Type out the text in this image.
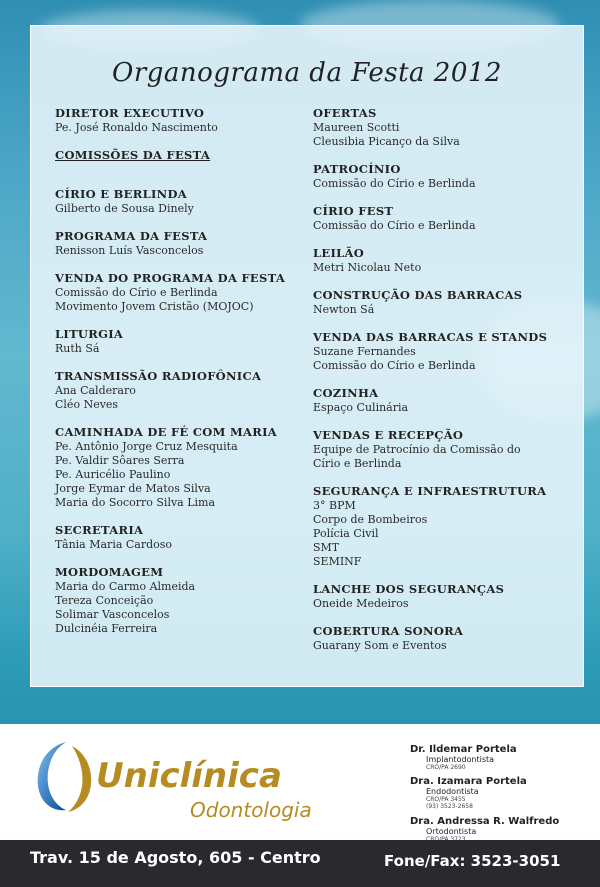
Organograma da Festa 2012
DIRETOR EXECUTIVO
Pe. José Ronaldo Nascimento
COMISSÕES DA FESTA
CÍRIO E BERLINDA
Gilberto de Sousa Dinely
PROGRAMA DA FESTA
Renisson Luís Vasconcelos
VENDA DO PROGRAMA DA FESTA
Comissão do Círio e Berlinda
Movimento Jovem Cristão (MOJOC)
LITURGIA
Ruth Sá
TRANSMISSÃO RADIOFÔNICA
Ana Calderaro
Cléo Neves
CAMINHADA DE FÉ COM MARIA
Pe. Antônio Jorge Cruz Mesquita
Pe. Valdir Sôares Serra
Pe. Auricélio Paulino
Jorge Eymar de Matos Silva
Maria do Socorro Silva Lima
SECRETARIA
Tânia Maria Cardoso
MORDOMAGEM
Maria do Carmo Almeida
Tereza Conceição
Solimar Vasconcelos
Dulcinéia Ferreira
OFERTAS
Maureen Scotti
Cleusibia Picanço da Silva
PATROCÍNIO
Comissão do Círio e Berlinda
CÍRIO FEST
Comissão do Círio e Berlinda
LEILÃO
Metri Nicolau Neto
CONSTRUÇÃO DAS BARRACAS
Newton Sá
VENDA DAS BARRACAS E STANDS
Suzane Fernandes
Comissão do Círio e Berlinda
COZINHA
Espaço Culinária
VENDAS E RECEPÇÃO
Equipe de Patrocínio da Comissão do
Círio e Berlinda
SEGURANÇA E INFRAESTRUTURA
3° BPM
Corpo de Bombeiros
Polícia Civil
SMT
SEMINF
LANCHE DOS SEGURANÇAS
Oneide Medeiros
COBERTURA SONORA
Guarany Som e Eventos
Uniclínica
Odontologia
Dr. Ildemar Portela
Implantodontista
CRO/PA 2690
Dra. Izamara Portela
Endodontista
CRO/PA 3455
(93) 3523-2658
Dra. Andressa R. Walfredo
Ortodontista
Trav. 15 de Agosto, 605 - Centro	Fone/Fax: 3523-3051
